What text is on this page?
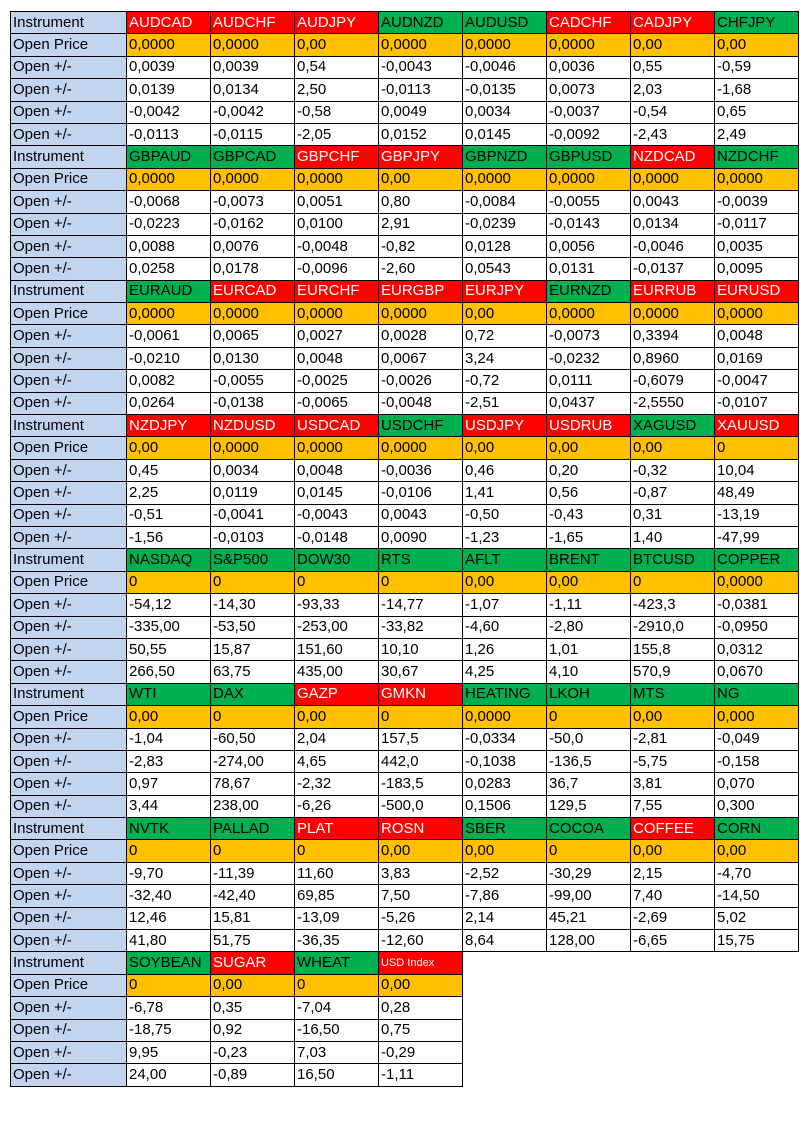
Instrument	AUDCAD	AUDCHF	AUDJPY	AUDNZD	AUDUSD	CADCHF	CADJPY	CHFJPY
Open Price	0,0000	0,0000	0,00	0,0000	0,0000	0,0000	0,00	0,00
Open +/-	0,0039	0,0039	0,54	-0,0043	-0,0046	0,0036	0,55	-0,59
Open +/-	0,0139	0,0134	2,50	-0,0113	-0,0135	0,0073	2,03	-1,68
Open +/-	-0,0042	-0,0042	-0,58	0,0049	0,0034	-0,0037	-0,54	0,65
Open +/-	-0,0113	-0,0115	-2,05	0,0152	0,0145	-0,0092	-2,43	2,49
Instrument	GBPAUD	GBPCAD	GBPCHF	GBPJPY	GBPNZD	GBPUSD	NZDCAD	NZDCHF
Open Price	0,0000	0,0000	0,0000	0,00	0,0000	0,0000	0,0000	0,0000
Open +/-	-0,0068	-0,0073	0,0051	0,80	-0,0084	-0,0055	0,0043	-0,0039
Open +/-	-0,0223	-0,0162	0,0100	2,91	-0,0239	-0,0143	0,0134	-0,0117
Open +/-	0,0088	0,0076	-0,0048	-0,82	0,0128	0,0056	-0,0046	0,0035
Open +/-	0,0258	0,0178	-0,0096	-2,60	0,0543	0,0131	-0,0137	0,0095
Instrument	EURAUD	EURCAD	EURCHF	EURGBP	EURJPY	EURNZD	EURRUB	EURUSD
Open Price	0,0000	0,0000	0,0000	0,0000	0,00	0,0000	0,0000	0,0000
Open +/-	-0,0061	0,0065	0,0027	0,0028	0,72	-0,0073	0,3394	0,0048
Open +/-	-0,0210	0,0130	0,0048	0,0067	3,24	-0,0232	0,8960	0,0169
Open +/-	0,0082	-0,0055	-0,0025	-0,0026	-0,72	0,0111	-0,6079	-0,0047
Open +/-	0,0264	-0,0138	-0,0065	-0,0048	-2,51	0,0437	-2,5550	-0,0107
Instrument	NZDJPY	NZDUSD	USDCAD	USDCHF	USDJPY	USDRUB	XAGUSD	XAUUSD
Open Price	0,00	0,0000	0,0000	0,0000	0,00	0,00	0,00	0
Open +/-	0,45	0,0034	0,0048	-0,0036	0,46	0,20	-0,32	10,04
Open +/-	2,25	0,0119	0,0145	-0,0106	1,41	0,56	-0,87	48,49
Open +/-	-0,51	-0,0041	-0,0043	0,0043	-0,50	-0,43	0,31	-13,19
Open +/-	-1,56	-0,0103	-0,0148	0,0090	-1,23	-1,65	1,40	-47,99
Instrument	NASDAQ	S&P500	DOW30	RTS	AFLT	BRENT	BTCUSD	COPPER
Open Price	0	0	0	0	0,00	0,00	0	0,0000
Open +/-	-54,12	-14,30	-93,33	-14,77	-1,07	-1,11	-423,3	-0,0381
Open +/-	-335,00	-53,50	-253,00	-33,82	-4,60	-2,80	-2910,0	-0,0950
Open +/-	50,55	15,87	151,60	10,10	1,26	1,01	155,8	0,0312
Open +/-	266,50	63,75	435,00	30,67	4,25	4,10	570,9	0,0670
Instrument	WTI	DAX	GAZP	GMKN	HEATING	LKOH	MTS	NG
Open Price	0,00	0	0,00	0	0,0000	0	0,00	0,000
Open +/-	-1,04	-60,50	2,04	157,5	-0,0334	-50,0	-2,81	-0,049
Open +/-	-2,83	-274,00	4,65	442,0	-0,1038	-136,5	-5,75	-0,158
Open +/-	0,97	78,67	-2,32	-183,5	0,0283	36,7	3,81	0,070
Open +/-	3,44	238,00	-6,26	-500,0	0,1506	129,5	7,55	0,300
Instrument	NVTK	PALLAD	PLAT	ROSN	SBER	COCOA	COFFEE	CORN
Open Price	0	0	0	0,00	0,00	0	0,00	0,00
Open +/-	-9,70	-11,39	11,60	3,83	-2,52	-30,29	2,15	-4,70
Open +/-	-32,40	-42,40	69,85	7,50	-7,86	-99,00	7,40	-14,50
Open +/-	12,46	15,81	-13,09	-5,26	2,14	45,21	-2,69	5,02
Open +/-	41,80	51,75	-36,35	-12,60	8,64	128,00	-6,65	15,75
Instrument	SOYBEAN	SUGAR	WHEAT	USD Index				
Open Price	0	0,00	0	0,00				
Open +/-	-6,78	0,35	-7,04	0,28				
Open +/-	-18,75	0,92	-16,50	0,75				
Open +/-	9,95	-0,23	7,03	-0,29				
Open +/-	24,00	-0,89	16,50	-1,11				
